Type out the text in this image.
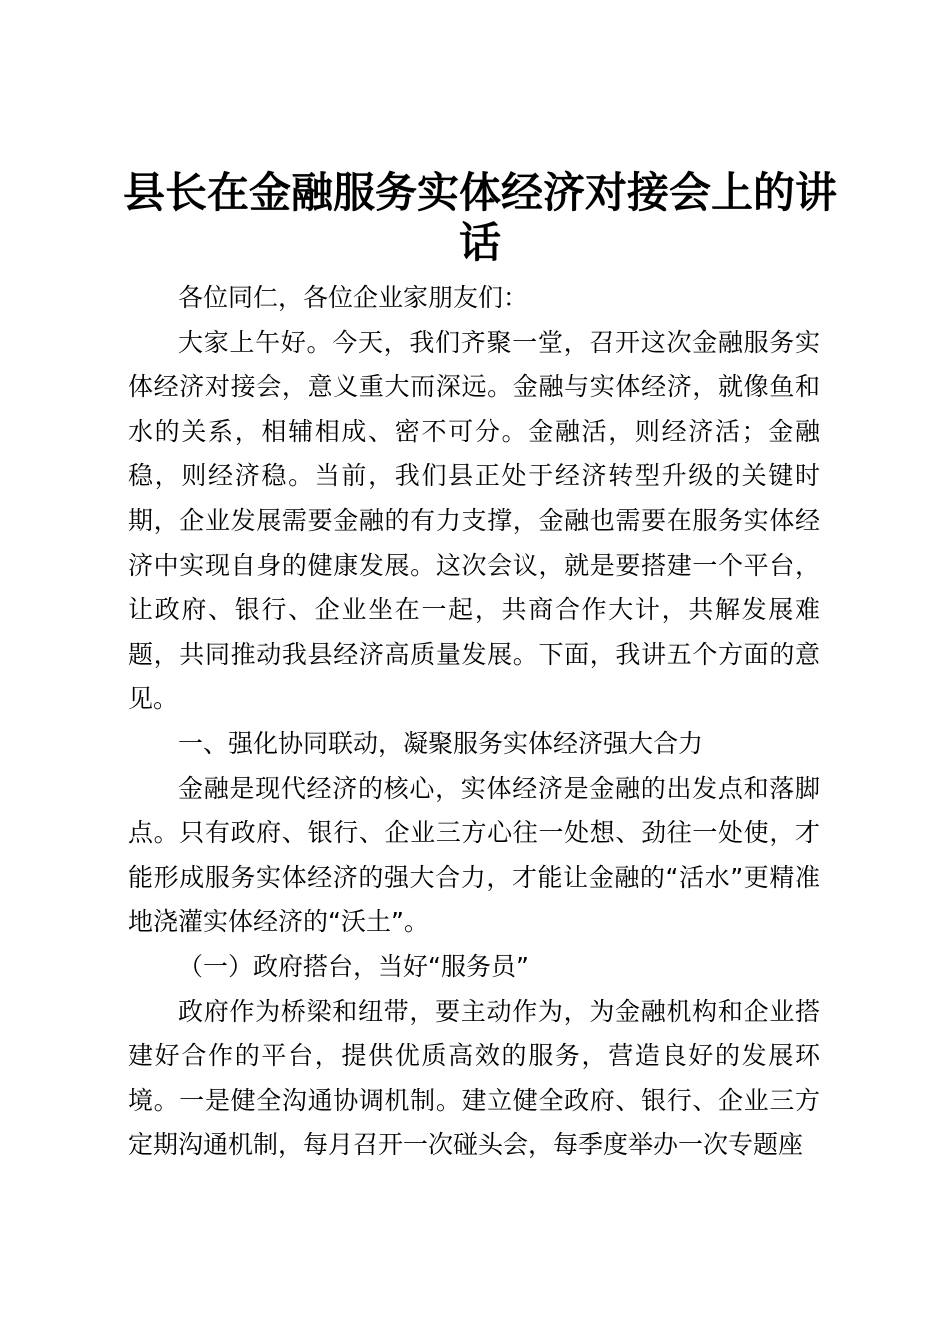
县长在金融服务实体经济对接会上的讲话

各位同仁，各位企业家朋友们：

大家上午好。今天，我们齐聚一堂，召开这次金融服务实体经济对接会，意义重大而深远。金融与实体经济，就像鱼和水的关系，相辅相成、密不可分。金融活，则经济活；金融稳，则经济稳。当前，我们县正处于经济转型升级的关键时期，企业发展需要金融的有力支撑，金融也需要在服务实体经济中实现自身的健康发展。这次会议，就是要搭建一个平台，让政府、银行、企业坐在一起，共商合作大计，共解发展难题，共同推动我县经济高质量发展。下面，我讲五个方面的意见。

一、强化协同联动，凝聚服务实体经济强大合力

金融是现代经济的核心，实体经济是金融的出发点和落脚点。只有政府、银行、企业三方心往一处想、劲往一处使，才能形成服务实体经济的强大合力，才能让金融的“活水”更精准地浇灌实体经济的“沃土”。

（一）政府搭台，当好“服务员”

政府作为桥梁和纽带，要主动作为，为金融机构和企业搭建好合作的平台，提供优质高效的服务，营造良好的发展环境。一是健全沟通协调机制。建立健全政府、银行、企业三方定期沟通机制，每月召开一次碰头会，每季度举办一次专题座
